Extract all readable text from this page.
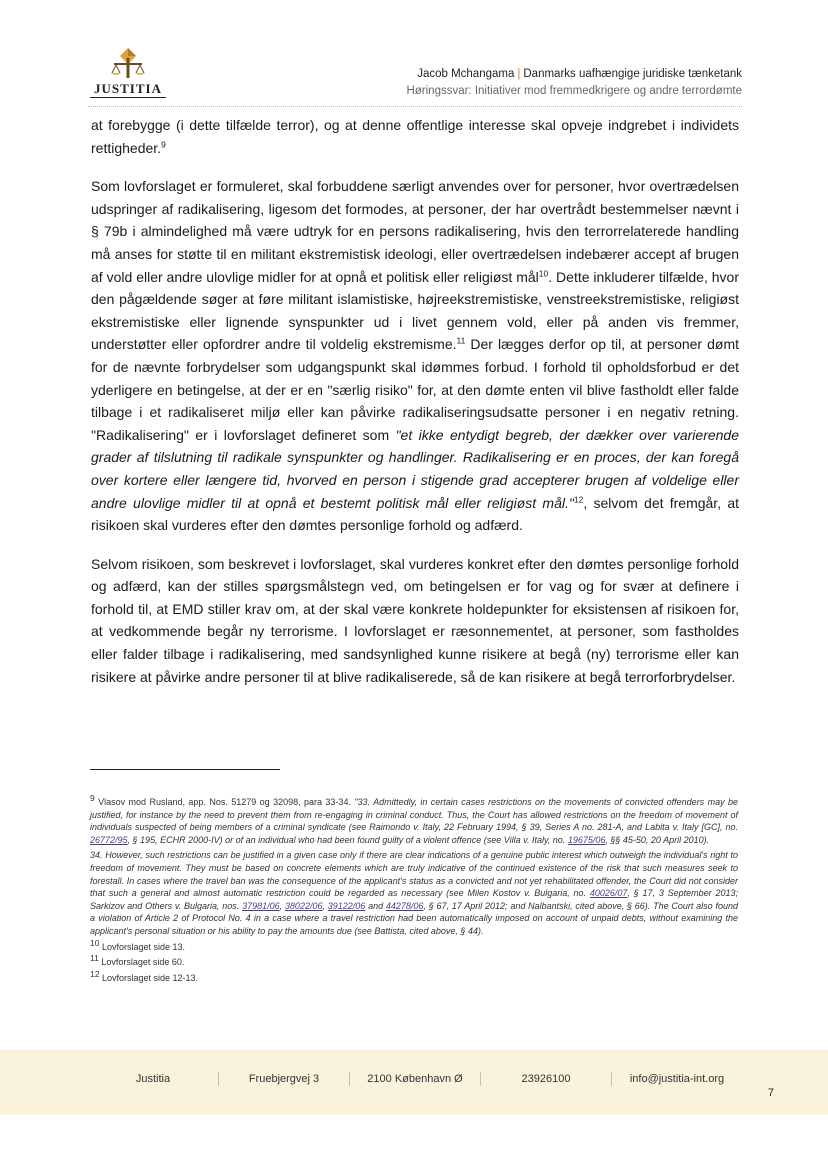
JUSTITIA
Jacob Mchangama | Danmarks uafhængige juridiske tænketank
Høringssvar: Initiativer mod fremmedkrigere og andre terrordømte

at forebygge (i dette tilfælde terror), og at denne offentlige interesse skal opveje indgrebet i individets rettigheder.$^9$

Som lovforslaget er formuleret, skal forbuddene særligt anvendes over for personer, hvor overtrædelsen udspringer af radikalisering, ligesom det formodes, at personer, der har overtrådt bestemmelser nævnt i § 79b i almindelighed må være udtryk for en persons radikalisering, hvis den terrorrelaterede handling må anses for støtte til en militant ekstremistisk ideologi, eller overtrædelsen indebærer accept af brugen af vold eller andre ulovlige midler for at opnå et politisk eller religiøst mål$^{10}$. Dette inkluderer tilfælde, hvor den pågældende søger at føre militant islamistiske, højreekstremistiske, venstreekstremistiske, religiøst ekstremistiske eller lignende synspunkter ud i livet gennem vold, eller på anden vis fremmer, understøtter eller opfordrer andre til voldelig ekstremisme.$^{11}$ Der lægges derfor op til, at personer dømt for de nævnte forbrydelser som udgangspunkt skal idømmes forbud. I forhold til opholdsforbud er det yderligere en betingelse, at der er en "særlig risiko" for, at den dømte enten vil blive fastholdt eller falde tilbage i et radikaliseret miljø eller kan påvirke radikaliseringsudsatte personer i en negativ retning. "Radikalisering" er i lovforslaget defineret som "et ikke entydigt begreb, der dækker over varierende grader af tilslutning til radikale synspunkter og handlinger. Radikalisering er en proces, der kan foregå over kortere eller længere tid, hvorved en person i stigende grad accepterer brugen af voldelige eller andre ulovlige midler til at opnå et bestemt politisk mål eller religiøst mål."$^{12}$, selvom det fremgår, at risikoen skal vurderes efter den dømtes personlige forhold og adfærd.

Selvom risikoen, som beskrevet i lovforslaget, skal vurderes konkret efter den dømtes personlige forhold og adfærd, kan der stilles spørgsmålstegn ved, om betingelsen er for vag og for svær at definere i forhold til, at EMD stiller krav om, at der skal være konkrete holdepunkter for eksistensen af risikoen for, at vedkommende begår ny terrorisme. I lovforslaget er ræsonnementet, at personer, som fastholdes eller falder tilbage i radikalisering, med sandsynlighed kunne risikere at begå (ny) terrorisme eller kan risikere at påvirke andre personer til at blive radikaliserede, så de kan risikere at begå terrorforbrydelser.

$^9$ Vlasov mod Rusland, app. Nos. 51279 og 32098, para 33-34. "33. Admittedly, in certain cases restrictions on the movements of convicted offenders may be justified, for instance by the need to prevent them from re-engaging in criminal conduct. Thus, the Court has allowed restrictions on the freedom of movement of individuals suspected of being members of a criminal syndicate (see Raimondo v. Italy, 22 February 1994, § 39, Series A no. 281-A, and Labita v. Italy [GC], no. 26772/95, § 195, ECHR 2000-IV) or of an individual who had been found guilty of a violent offence (see Villa v. Italy, no. 19675/06, §§ 45-50, 20 April 2010).

34. However, such restrictions can be justified in a given case only if there are clear indications of a genuine public interest which outweigh the individual's right to freedom of movement. They must be based on concrete elements which are truly indicative of the continued existence of the risk that such measures seek to forestall. In cases where the travel ban was the consequence of the applicant's status as a convicted and not yet rehabilitated offender, the Court did not consider that such a general and almost automatic restriction could be regarded as necessary (see Milen Kostov v. Bulgaria, no. 40026/07, § 17, 3 September 2013; Sarkizov and Others v. Bulgaria, nos. 37981/06, 38022/06, 39122/06 and 44278/06, § 67, 17 April 2012; and Nalbantski, cited above, § 66). The Court also found a violation of Article 2 of Protocol No. 4 in a case where a travel restriction had been automatically imposed on account of unpaid debts, without examining the applicant's personal situation or his ability to pay the amounts due (see Battista, cited above, § 44).

$^{10}$ Lovforslaget side 13.

$^{11}$ Lovforslaget side 60.

$^{12}$ Lovforslaget side 12-13.

Justitia	Fruebjergvej 3	2100 København Ø	23926100	info@justitia-int.org
7
